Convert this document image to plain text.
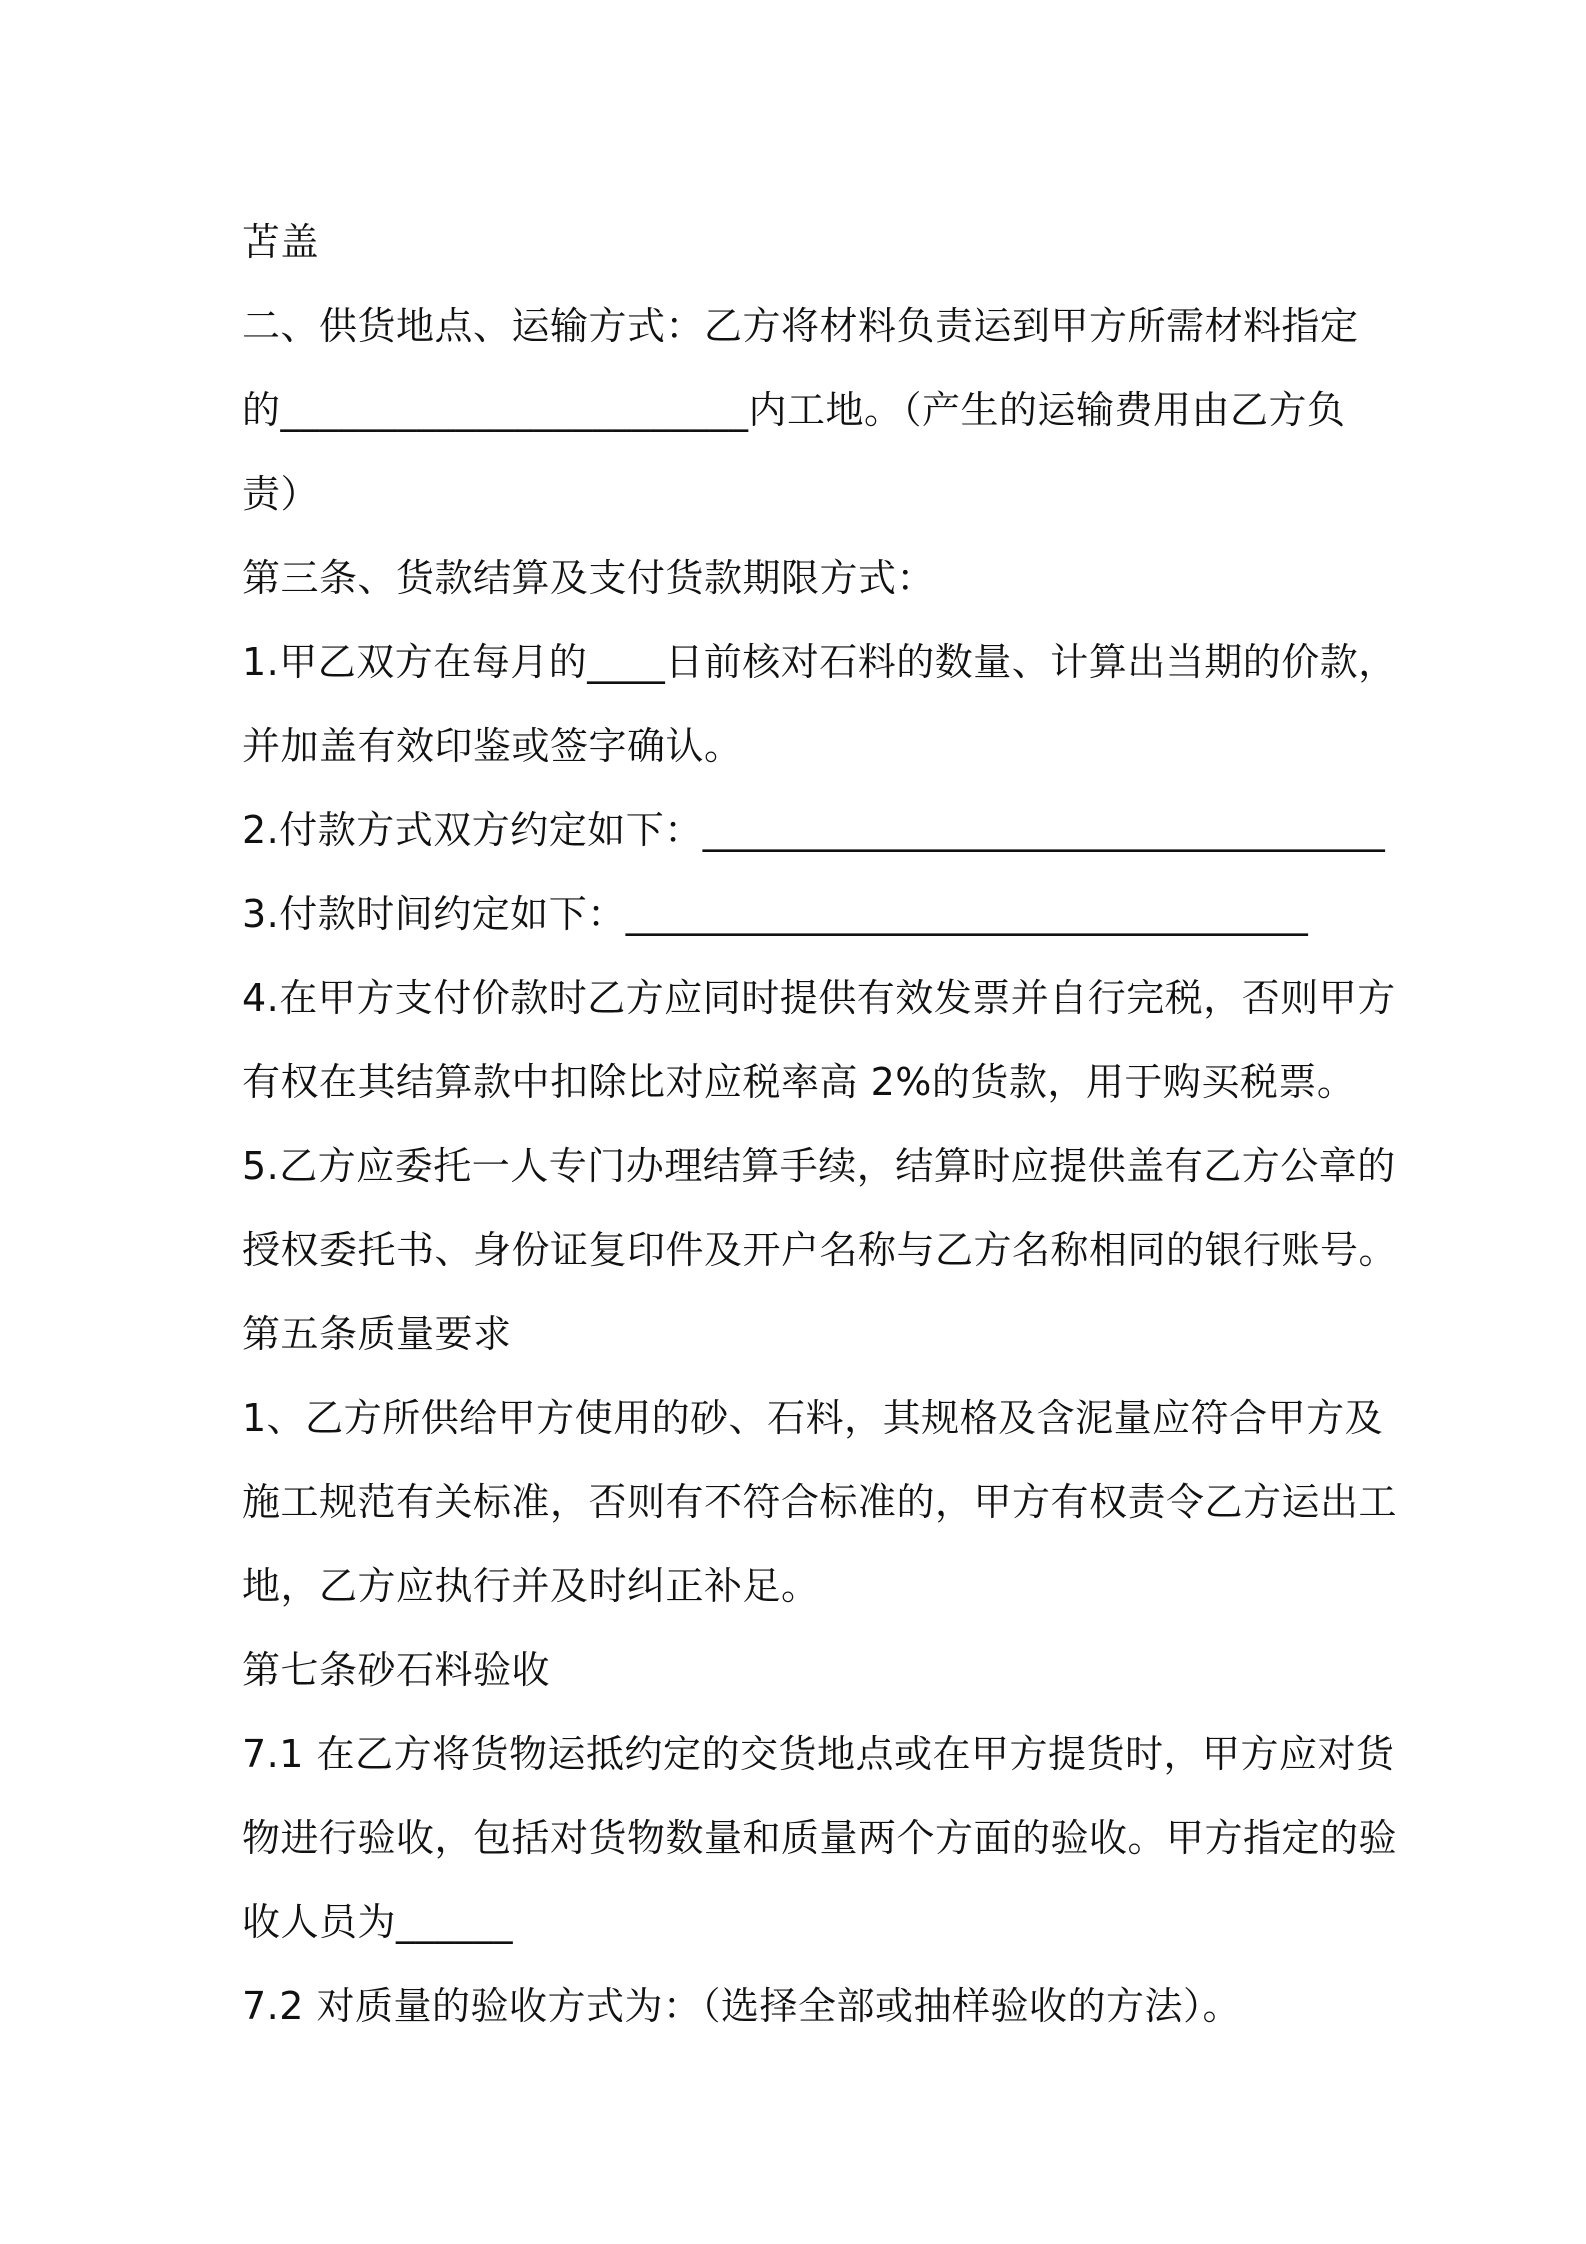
苫盖
二、供货地点、运输方式：乙方将材料负责运到甲方所需材料指定
的________________________内工地。（产生的运输费用由乙方负
责）
第三条、货款结算及支付货款期限方式：
1.甲乙双方在每月的____日前核对石料的数量、计算出当期的价款，
并加盖有效印鉴或签字确认。
2.付款方式双方约定如下：___________________________________
3.付款时间约定如下：___________________________________
4.在甲方支付价款时乙方应同时提供有效发票并自行完税，否则甲方
有权在其结算款中扣除比对应税率高 2%的货款，用于购买税票。
5.乙方应委托一人专门办理结算手续，结算时应提供盖有乙方公章的
授权委托书、身份证复印件及开户名称与乙方名称相同的银行账号。
第五条质量要求
1、乙方所供给甲方使用的砂、石料，其规格及含泥量应符合甲方及
施工规范有关标准，否则有不符合标准的，甲方有权责令乙方运出工
地，乙方应执行并及时纠正补足。
第七条砂石料验收
7.1 在乙方将货物运抵约定的交货地点或在甲方提货时，甲方应对货
物进行验收，包括对货物数量和质量两个方面的验收。甲方指定的验
收人员为______
7.2 对质量的验收方式为：（选择全部或抽样验收的方法）。
